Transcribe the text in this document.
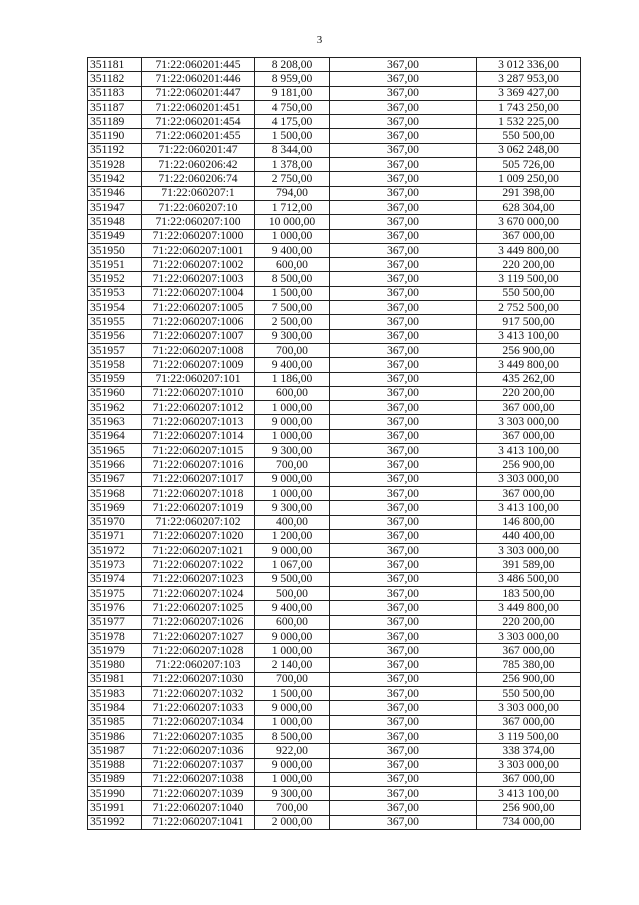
3
351181	71:22:060201:445	8 208,00	367,00	3 012 336,00
351182	71:22:060201:446	8 959,00	367,00	3 287 953,00
351183	71:22:060201:447	9 181,00	367,00	3 369 427,00
351187	71:22:060201:451	4 750,00	367,00	1 743 250,00
351189	71:22:060201:454	4 175,00	367,00	1 532 225,00
351190	71:22:060201:455	1 500,00	367,00	550 500,00
351192	71:22:060201:47	8 344,00	367,00	3 062 248,00
351928	71:22:060206:42	1 378,00	367,00	505 726,00
351942	71:22:060206:74	2 750,00	367,00	1 009 250,00
351946	71:22:060207:1	794,00	367,00	291 398,00
351947	71:22:060207:10	1 712,00	367,00	628 304,00
351948	71:22:060207:100	10 000,00	367,00	3 670 000,00
351949	71:22:060207:1000	1 000,00	367,00	367 000,00
351950	71:22:060207:1001	9 400,00	367,00	3 449 800,00
351951	71:22:060207:1002	600,00	367,00	220 200,00
351952	71:22:060207:1003	8 500,00	367,00	3 119 500,00
351953	71:22:060207:1004	1 500,00	367,00	550 500,00
351954	71:22:060207:1005	7 500,00	367,00	2 752 500,00
351955	71:22:060207:1006	2 500,00	367,00	917 500,00
351956	71:22:060207:1007	9 300,00	367,00	3 413 100,00
351957	71:22:060207:1008	700,00	367,00	256 900,00
351958	71:22:060207:1009	9 400,00	367,00	3 449 800,00
351959	71:22:060207:101	1 186,00	367,00	435 262,00
351960	71:22:060207:1010	600,00	367,00	220 200,00
351962	71:22:060207:1012	1 000,00	367,00	367 000,00
351963	71:22:060207:1013	9 000,00	367,00	3 303 000,00
351964	71:22:060207:1014	1 000,00	367,00	367 000,00
351965	71:22:060207:1015	9 300,00	367,00	3 413 100,00
351966	71:22:060207:1016	700,00	367,00	256 900,00
351967	71:22:060207:1017	9 000,00	367,00	3 303 000,00
351968	71:22:060207:1018	1 000,00	367,00	367 000,00
351969	71:22:060207:1019	9 300,00	367,00	3 413 100,00
351970	71:22:060207:102	400,00	367,00	146 800,00
351971	71:22:060207:1020	1 200,00	367,00	440 400,00
351972	71:22:060207:1021	9 000,00	367,00	3 303 000,00
351973	71:22:060207:1022	1 067,00	367,00	391 589,00
351974	71:22:060207:1023	9 500,00	367,00	3 486 500,00
351975	71:22:060207:1024	500,00	367,00	183 500,00
351976	71:22:060207:1025	9 400,00	367,00	3 449 800,00
351977	71:22:060207:1026	600,00	367,00	220 200,00
351978	71:22:060207:1027	9 000,00	367,00	3 303 000,00
351979	71:22:060207:1028	1 000,00	367,00	367 000,00
351980	71:22:060207:103	2 140,00	367,00	785 380,00
351981	71:22:060207:1030	700,00	367,00	256 900,00
351983	71:22:060207:1032	1 500,00	367,00	550 500,00
351984	71:22:060207:1033	9 000,00	367,00	3 303 000,00
351985	71:22:060207:1034	1 000,00	367,00	367 000,00
351986	71:22:060207:1035	8 500,00	367,00	3 119 500,00
351987	71:22:060207:1036	922,00	367,00	338 374,00
351988	71:22:060207:1037	9 000,00	367,00	3 303 000,00
351989	71:22:060207:1038	1 000,00	367,00	367 000,00
351990	71:22:060207:1039	9 300,00	367,00	3 413 100,00
351991	71:22:060207:1040	700,00	367,00	256 900,00
351992	71:22:060207:1041	2 000,00	367,00	734 000,00
